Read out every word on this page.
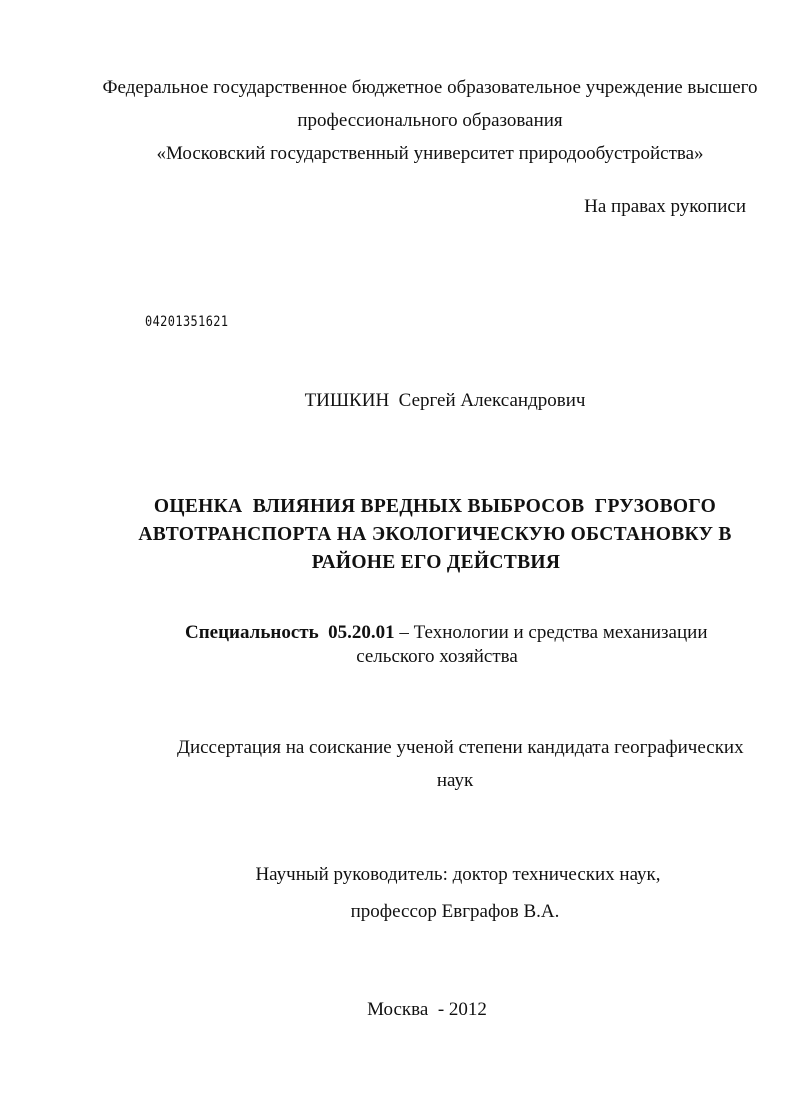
Федеральное государственное бюджетное образовательное учреждение высшего
профессионального образования
«Московский государственный университет природообустройства»
На правах рукописи
04201351621
ТИШКИН  Сергей Александрович
ОЦЕНКА  ВЛИЯНИЯ ВРЕДНЫХ ВЫБРОСОВ  ГРУЗОВОГО
АВТОТРАНСПОРТА НА ЭКОЛОГИЧЕСКУЮ ОБСТАНОВКУ В
РАЙОНЕ ЕГО ДЕЙСТВИЯ
Специальность  05.20.01 – Технологии и средства механизации
сельского хозяйства
Диссертация на соискание ученой степени кандидата географических
наук
Научный руководитель: доктор технических наук,
профессор Евграфов В.А.
Москва  - 2012
